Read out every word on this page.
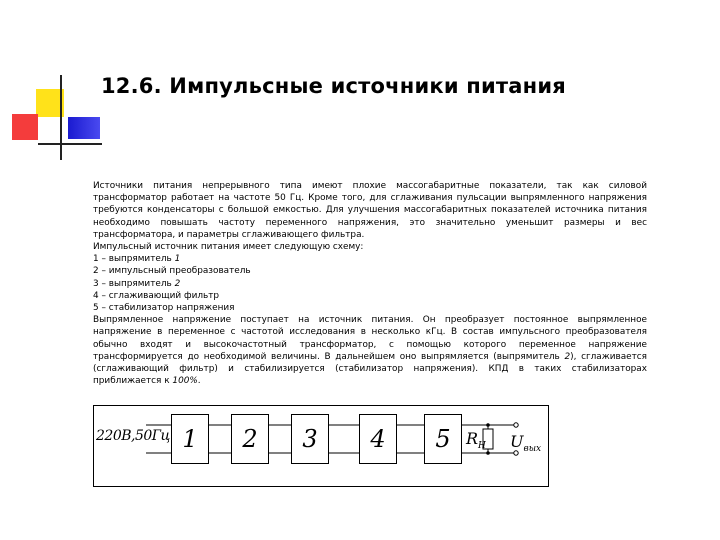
12.6. Импульсные источники питания

Источники питания непрерывного типа имеют плохие массогабаритные показатели, так как силовой трансформатор работает на частоте 50 Гц. Кроме того, для сглаживания пульсации выпрямленного напряжения требуются конденсаторы с большой емкостью. Для улучшения массогабаритных показателей источника питания необходимо повышать частоту переменного напряжения, это значительно уменьшит размеры и вес трансформатора, и параметры сглаживающего фильтра.

Импульсный источник питания имеет следующую схему:

1 – выпрямитель 1

2 – импульсный преобразователь

3 – выпрямитель 2

4 – сглаживающий фильтр

5 – стабилизатор напряжения

Выпрямленное напряжение поступает на источник питания. Он преобразует постоянное выпрямленное напряжение в переменное с частотой исследования в несколько кГц. В состав импульсного преобразователя обычно входят и высокочастотный трансформатор, с помощью которого переменное напряжение трансформируется до необходимой величины. В дальнейшем оно выпрямляется (выпрямитель 2), сглаживается (сглаживающий фильтр) и стабилизируется (стабилизатор напряжения). КПД в таких стабилизаторах приближается к 100%.

220В,50Гц 1	2	3	4	5 $R_Н$ $U_{вых}$
